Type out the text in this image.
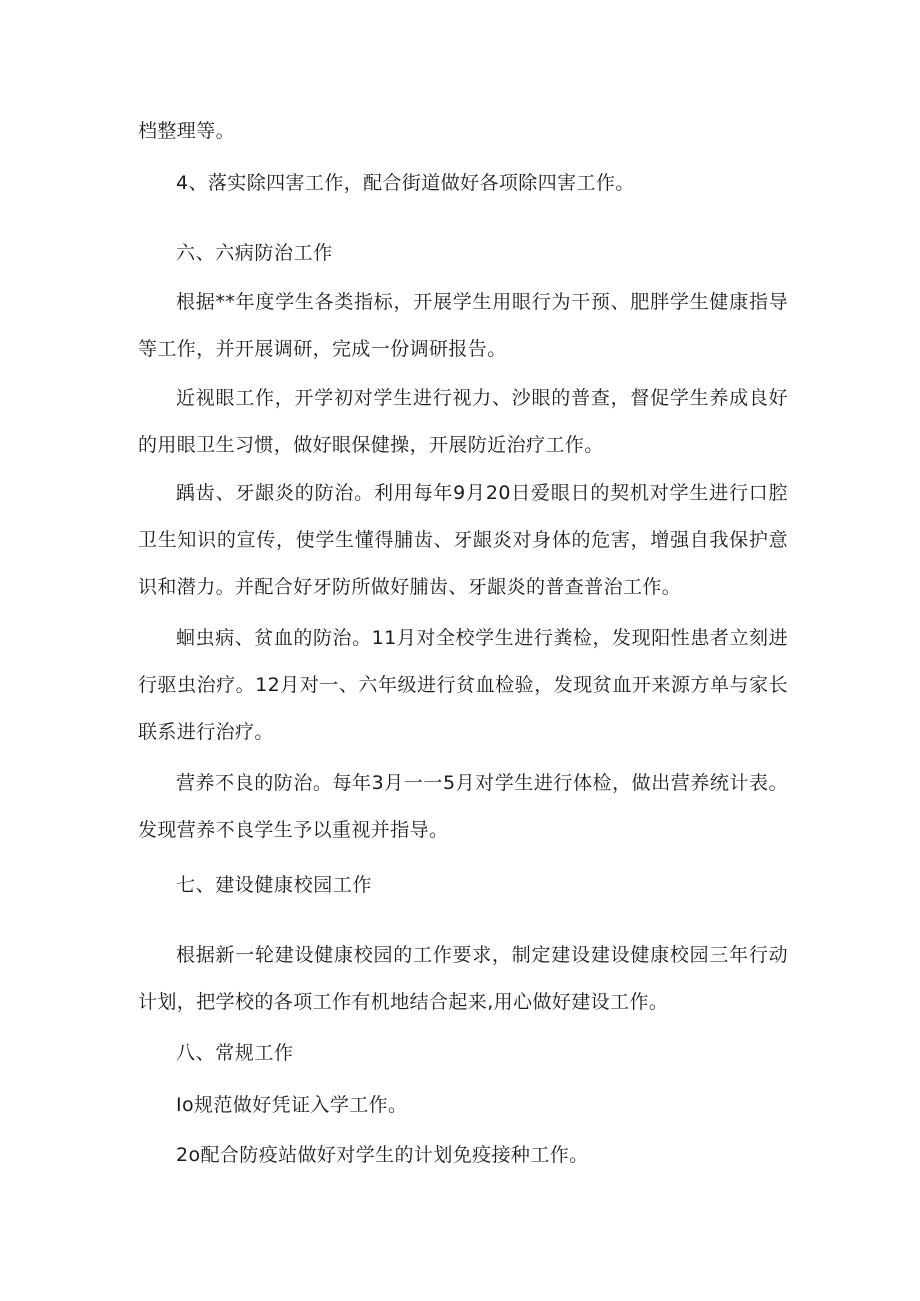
档整理等。

4、落实除四害工作，配合街道做好各项除四害工作。

六、六病防治工作

根据**年度学生各类指标，开展学生用眼行为干预、肥胖学生健康指导等工作，并开展调研，完成一份调研报告。

近视眼工作，开学初对学生进行视力、沙眼的普查，督促学生养成良好的用眼卫生习惯，做好眼保健操，开展防近治疗工作。

踽齿、牙龈炎的防治。利用每年9月20日爱眼日的契机对学生进行口腔卫生知识的宣传，使学生懂得脯齿、牙龈炎对身体的危害，增强自我保护意识和潜力。并配合好牙防所做好脯齿、牙龈炎的普查普治工作。

蛔虫病、贫血的防治。11月对全校学生进行粪检，发现阳性患者立刻进行驱虫治疗。12月对一、六年级进行贫血检验，发现贫血开来源方单与家长联系进行治疗。

营养不良的防治。每年3月一一5月对学生进行体检，做出营养统计表。发现营养不良学生予以重视并指导。

七、建设健康校园工作

根据新一轮建设健康校园的工作要求，制定建设建设健康校园三年行动计划，把学校的各项工作有机地结合起来,用心做好建设工作。

八、常规工作

Io规范做好凭证入学工作。

2o配合防疫站做好对学生的计划免疫接种工作。
